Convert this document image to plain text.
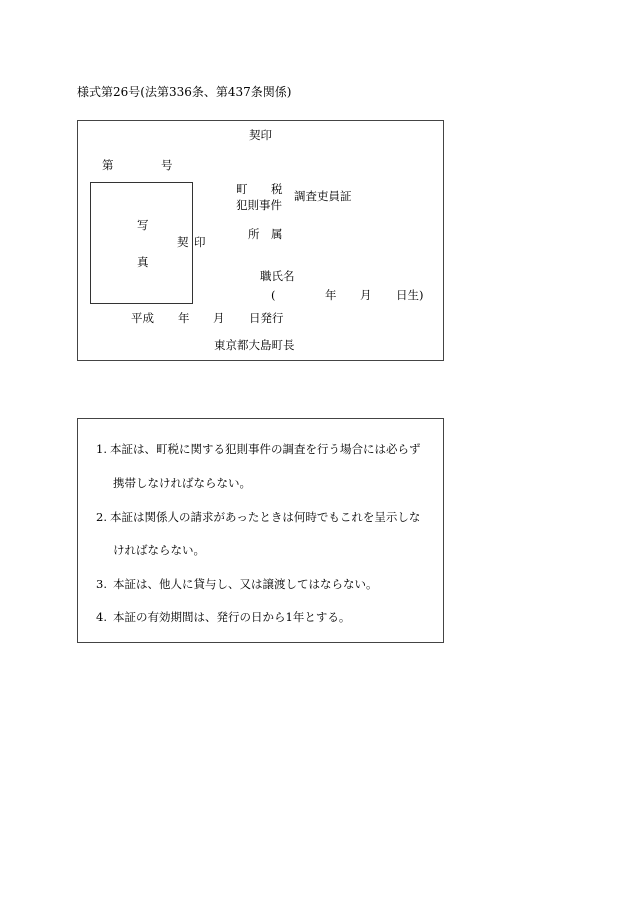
様式第26号(法第336条、第437条関係)
契印
第	号
写
真
契 印
町 税
犯則事件
調査吏員証
所 属
職氏名
(	年 月 日生)
平成 年 月 日発行
東京都大島町長
1. 本証は、町税に関する犯則事件の調査を行う場合には必らず
携帯しなければならない。
2. 本証は関係人の請求があったときは何時でもこれを呈示しな
ければならない。
3. 本証は、他人に貸与し、又は譲渡してはならない。
4. 本証の有効期間は、発行の日から1年とする。
